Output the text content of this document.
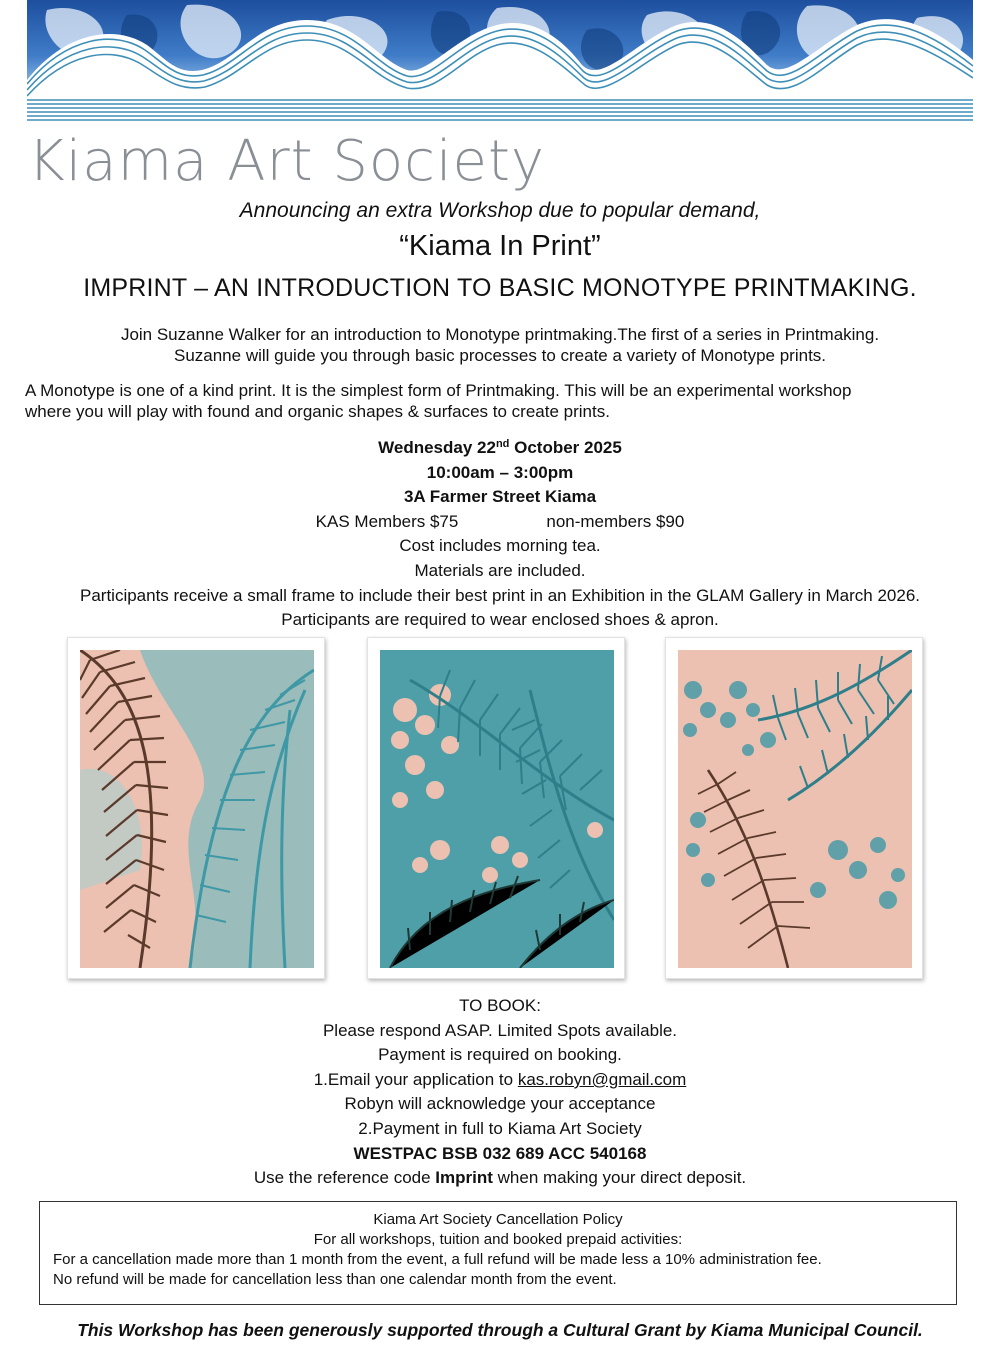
Kiama Art Society
Announcing an extra Workshop due to popular demand,
“Kiama In Print”
IMPRINT – AN INTRODUCTION TO BASIC MONOTYPE PRINTMAKING.
Join Suzanne Walker for an introduction to Monotype printmaking.The first of a series in Printmaking.
Suzanne will guide you through basic processes to create a variety of Monotype prints.
A Monotype is one of a kind print. It is the simplest form of Printmaking. This will be an experimental workshop
where you will play with found and organic shapes & surfaces to create prints.
Wednesday 22nd October 2025
10:00am – 3:00pm
3A Farmer Street Kiama
KAS Members $75	non-members $90
Cost includes morning tea.
Materials are included.
Participants receive a small frame to include their best print in an Exhibition in the GLAM Gallery in March 2026.
Participants are required to wear enclosed shoes & apron.
TO BOOK:
Please respond ASAP. Limited Spots available.
Payment is required on booking.
1.Email your application to kas.robyn@gmail.com
Robyn will acknowledge your acceptance
2.Payment in full to Kiama Art Society
WESTPAC BSB 032 689 ACC 540168
Use the reference code Imprint when making your direct deposit.
Kiama Art Society Cancellation Policy
For all workshops, tuition and booked prepaid activities:
For a cancellation made more than 1 month from the event, a full refund will be made less a 10% administration fee.
No refund will be made for cancellation less than one calendar month from the event.
This Workshop has been generously supported through a Cultural Grant by Kiama Municipal Council.
